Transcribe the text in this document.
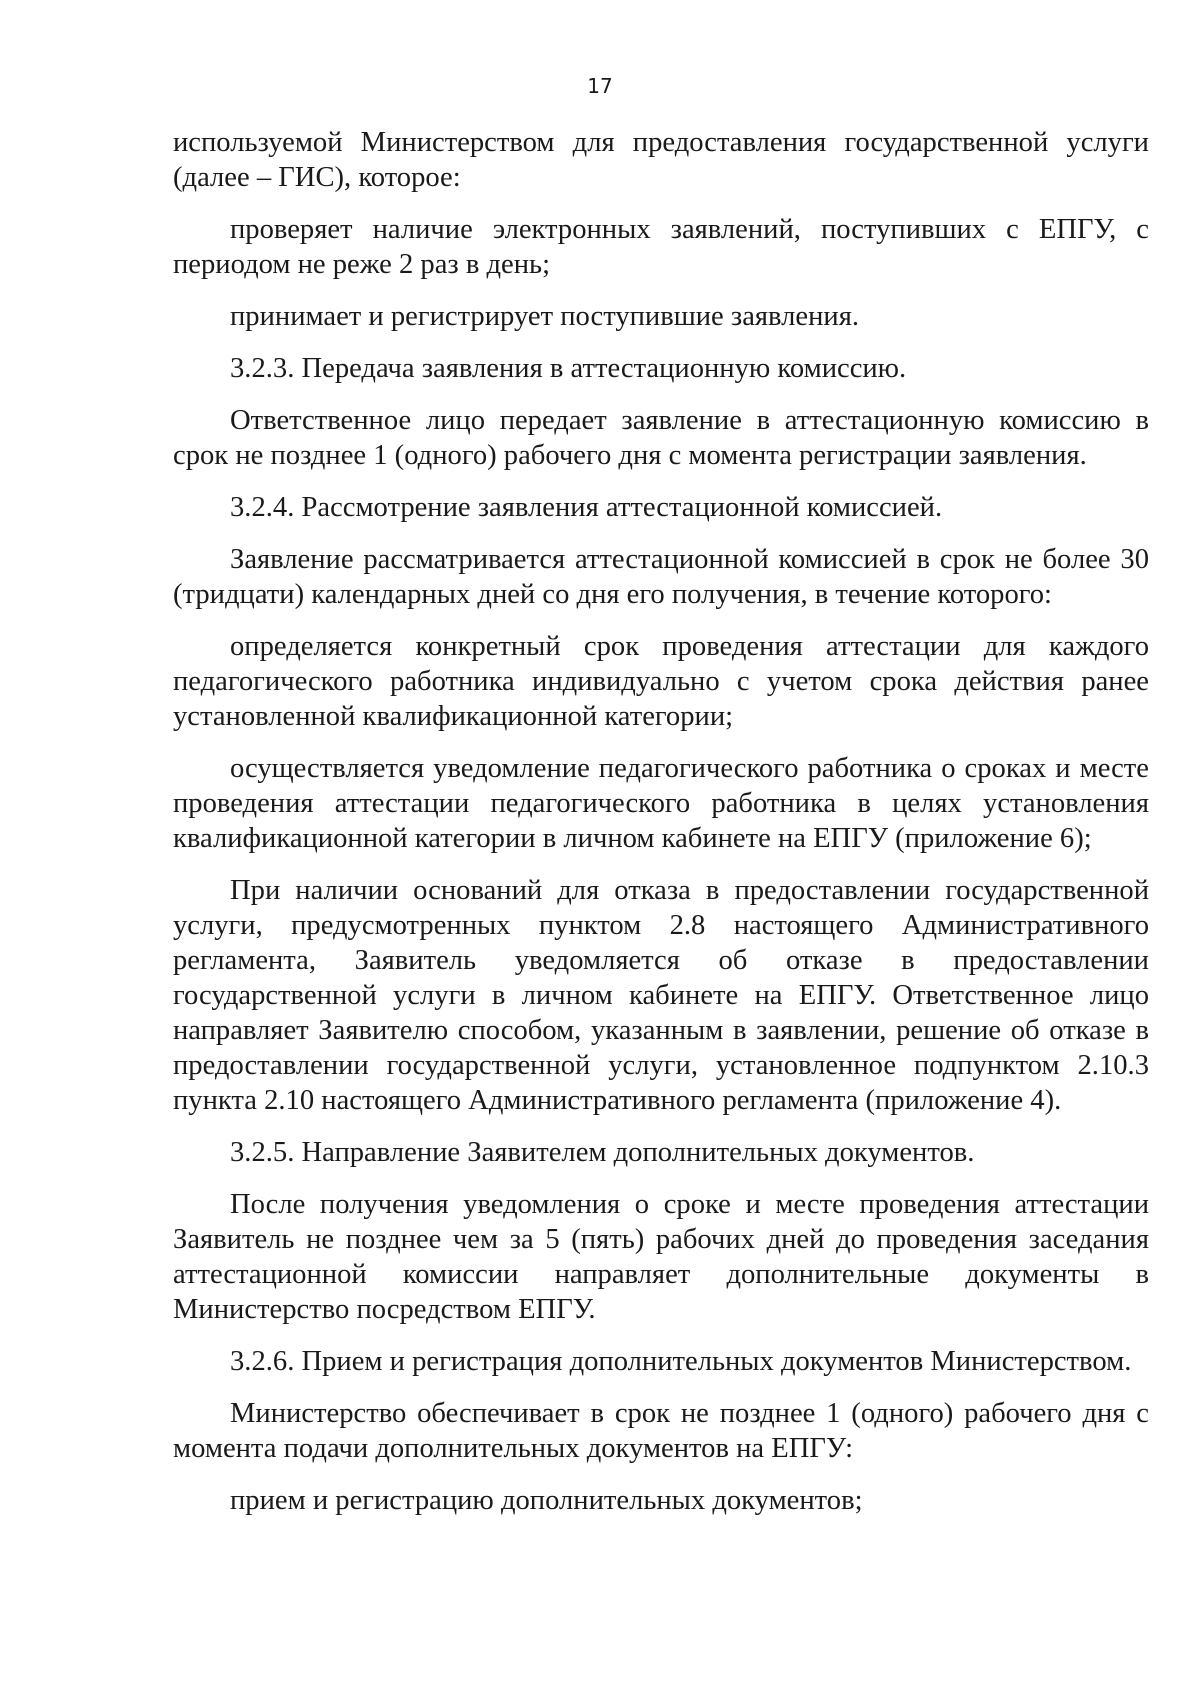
17

используемой Министерством для предоставления государственной услуги (далее – ГИС), которое:

проверяет наличие электронных заявлений, поступивших с ЕПГУ, с периодом не реже 2 раз в день;

принимает и регистрирует поступившие заявления.

3.2.3. Передача заявления в аттестационную комиссию.

Ответственное лицо передает заявление в аттестационную комиссию в срок не позднее 1 (одного) рабочего дня с момента регистрации заявления.

3.2.4. Рассмотрение заявления аттестационной комиссией.

Заявление рассматривается аттестационной комиссией в срок не более 30 (тридцати) календарных дней со дня его получения, в течение которого:

определяется конкретный срок проведения аттестации для каждого педагогического работника индивидуально с учетом срока действия ранее установленной квалификационной категории;

осуществляется уведомление педагогического работника о сроках и месте проведения аттестации педагогического работника в целях установления квалификационной категории в личном кабинете на ЕПГУ (приложение 6);

При наличии оснований для отказа в предоставлении государственной услуги, предусмотренных пунктом 2.8 настоящего Административного регламента, Заявитель уведомляется об отказе в предоставлении государственной услуги в личном кабинете на ЕПГУ. Ответственное лицо направляет Заявителю способом, указанным в заявлении, решение об отказе в предоставлении государственной услуги, установленное подпунктом 2.10.3 пункта 2.10 настоящего Административного регламента (приложение 4).

3.2.5. Направление Заявителем дополнительных документов.

После получения уведомления о сроке и месте проведения аттестации Заявитель не позднее чем за 5 (пять) рабочих дней до проведения заседания аттестационной комиссии направляет дополнительные документы в Министерство посредством ЕПГУ.

3.2.6. Прием и регистрация дополнительных документов Министерством.

Министерство обеспечивает в срок не позднее 1 (одного) рабочего дня с момента подачи дополнительных документов на ЕПГУ:

прием и регистрацию дополнительных документов;
